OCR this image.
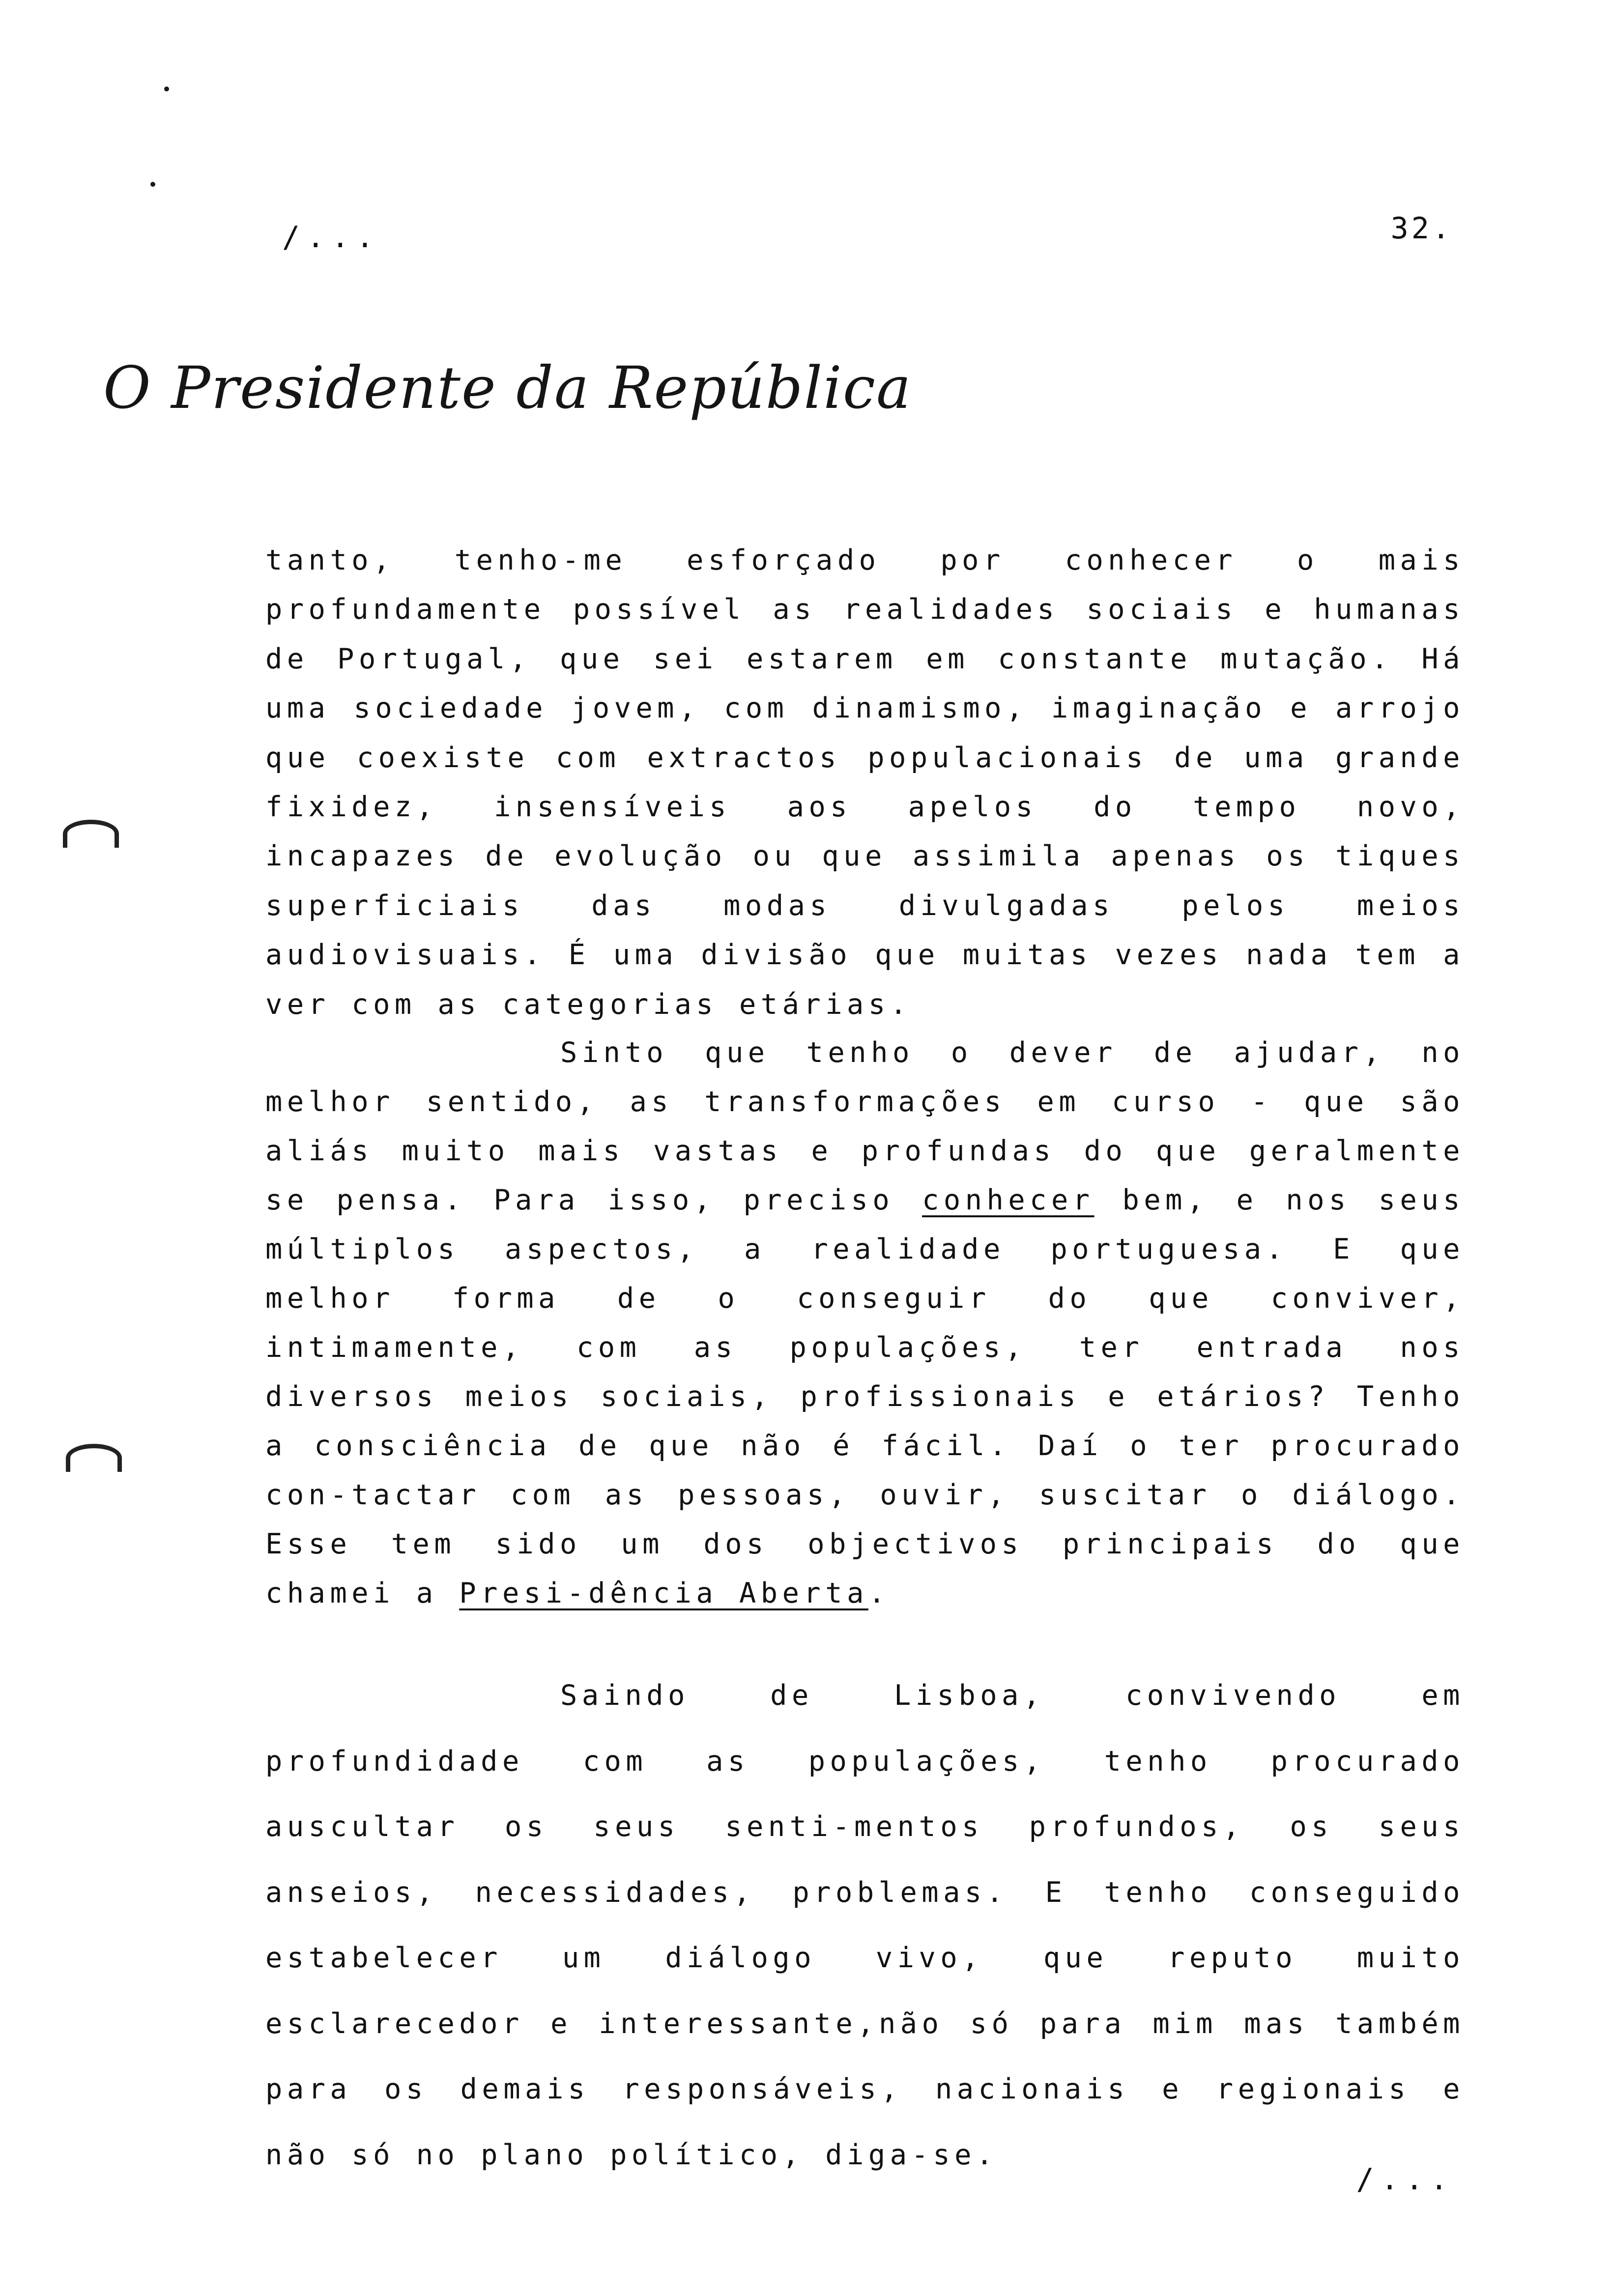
/...	32.
O Presidente da República
tanto, tenho-me esforçado por conhecer o mais profundamente possível as realidades sociais e humanas de Portugal, que sei estarem em constante mutação. Há uma sociedade jovem, com dinamismo, imaginação e arrojo que coexiste com extractos populacionais de uma grande fixidez, insensíveis aos apelos do tempo novo, incapazes de evolução ou que assimila apenas os tiques superficiais das modas divulgadas pelos meios audiovisuais. É uma divisão que muitas vezes nada tem a ver com as categorias etárias.
Sinto que tenho o dever de ajudar, no melhor sentido, as transformações em curso - que são aliás muito mais vastas e profundas do que geralmente se pensa. Para isso, preciso conhecer bem, e nos seus múltiplos aspectos, a realidade portuguesa. E que melhor forma de o conseguir do que conviver, intimamente, com as populações, ter entrada nos diversos meios sociais, profissionais e etários? Tenho a consciência de que não é fácil. Daí o ter procurado con-tactar com as pessoas, ouvir, suscitar o diálogo. Esse tem sido um dos objectivos principais do que chamei a Presi-dência Aberta.
Saindo de Lisboa, convivendo em profundidade com as populações, tenho procurado auscultar os seus senti-mentos profundos, os seus anseios, necessidades, problemas. E tenho conseguido estabelecer um diálogo vivo, que reputo muito esclarecedor e interessante,não só para mim mas também para os demais responsáveis, nacionais e regionais e não só no plano político, diga-se.
/...
